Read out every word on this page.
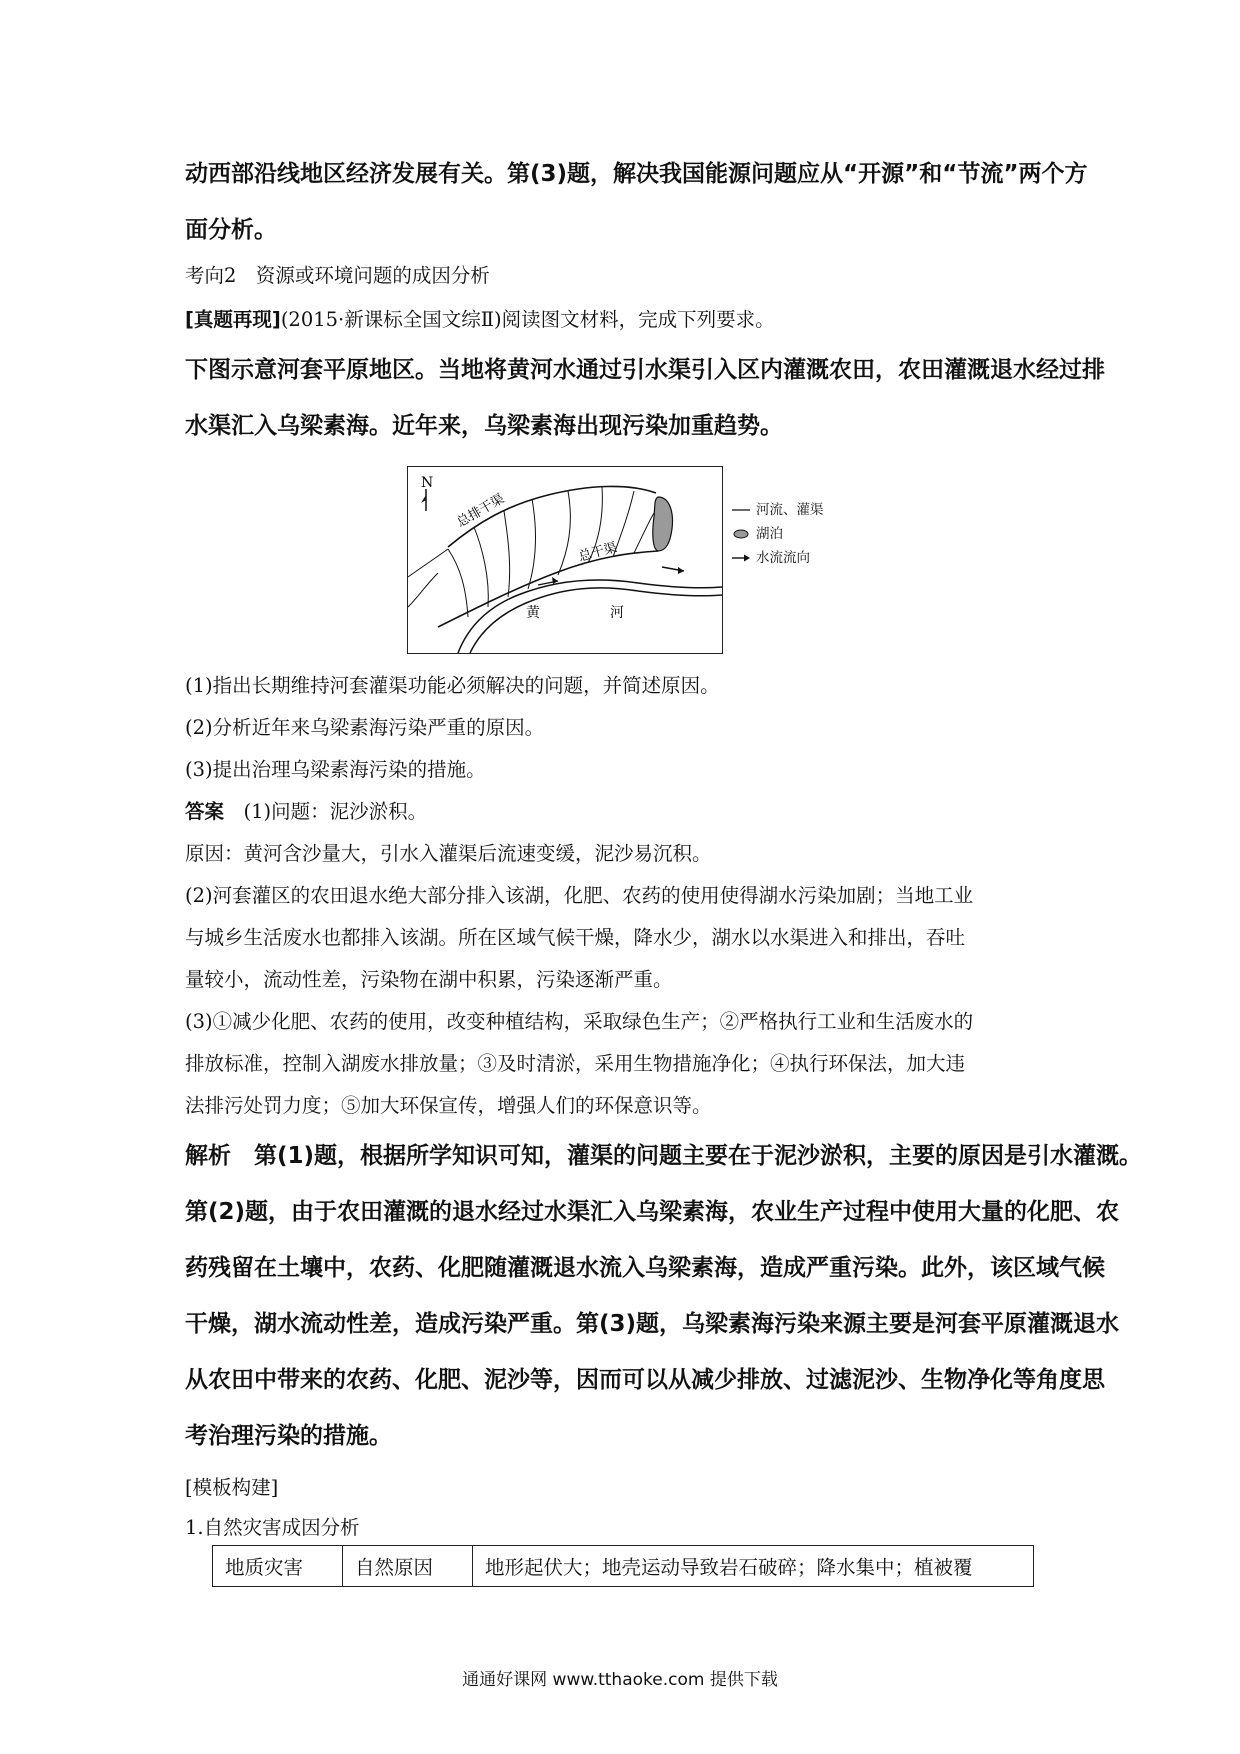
动西部沿线地区经济发展有关。第(3)题，解决我国能源问题应从“开源”和“节流”两个方
面分析。
考向2　资源或环境问题的成因分析
[真题再现](2015·新课标全国文综Ⅱ)阅读图文材料，完成下列要求。
下图示意河套平原地区。当地将黄河水通过引水渠引入区内灌溉农田，农田灌溉退水经过排
水渠汇入乌梁素海。近年来，乌梁素海出现污染加重趋势。
N
总排干渠
总干渠
黄	河
河流、灌渠
湖泊
水流流向
(1)指出长期维持河套灌渠功能必须解决的问题，并简述原因。
(2)分析近年来乌梁素海污染严重的原因。
(3)提出治理乌梁素海污染的措施。
答案　(1)问题：泥沙淤积。
原因：黄河含沙量大，引水入灌渠后流速变缓，泥沙易沉积。
(2)河套灌区的农田退水绝大部分排入该湖，化肥、农药的使用使得湖水污染加剧；当地工业
与城乡生活废水也都排入该湖。所在区域气候干燥，降水少，湖水以水渠进入和排出，吞吐
量较小，流动性差，污染物在湖中积累，污染逐渐严重。
(3)①减少化肥、农药的使用，改变种植结构，采取绿色生产；②严格执行工业和生活废水的
排放标准，控制入湖废水排放量；③及时清淤，采用生物措施净化；④执行环保法，加大违
法排污处罚力度；⑤加大环保宣传，增强人们的环保意识等。
解析　第(1)题，根据所学知识可知，灌渠的问题主要在于泥沙淤积，主要的原因是引水灌溉。
第(2)题，由于农田灌溉的退水经过水渠汇入乌梁素海，农业生产过程中使用大量的化肥、农
药残留在土壤中，农药、化肥随灌溉退水流入乌梁素海，造成严重污染。此外，该区域气候
干燥，湖水流动性差，造成污染严重。第(3)题，乌梁素海污染来源主要是河套平原灌溉退水
从农田中带来的农药、化肥、泥沙等，因而可以从减少排放、过滤泥沙、生物净化等角度思
考治理污染的措施。
[模板构建]
1.自然灾害成因分析
地质灾害	自然原因	地形起伏大；地壳运动导致岩石破碎；降水集中；植被覆
通通好课网 www.tthaoke.com 提供下载
